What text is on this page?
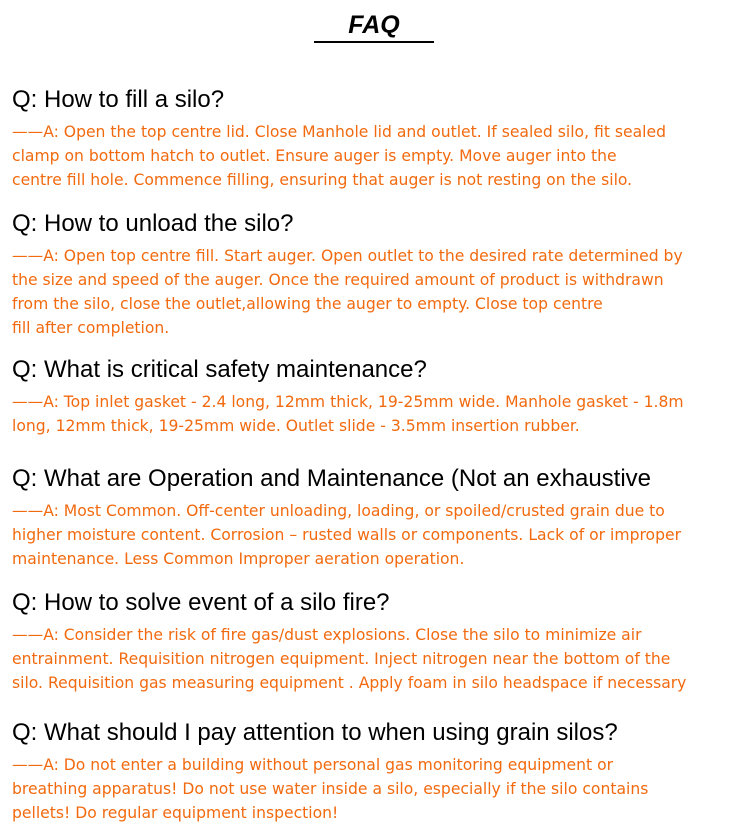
FAQ
Q: How to fill a silo?
——A: Open the top centre lid. Close Manhole lid and outlet. If sealed silo, fit sealed
clamp on bottom hatch to outlet. Ensure auger is empty. Move auger into the
centre fill hole. Commence filling, ensuring that auger is not resting on the silo.
Q: How to unload the silo?
——A: Open top centre fill. Start auger. Open outlet to the desired rate determined by
the size and speed of the auger. Once the required amount of product is withdrawn
from the silo, close the outlet,allowing the auger to empty. Close top centre
fill after completion.
Q: What is critical safety maintenance?
——A: Top inlet gasket - 2.4 long, 12mm thick, 19-25mm wide. Manhole gasket - 1.8m
long, 12mm thick, 19-25mm wide. Outlet slide - 3.5mm insertion rubber.
Q: What are Operation and Maintenance (Not an exhaustive
——A: Most Common. Off-center unloading, loading, or spoiled/crusted grain due to
higher moisture content. Corrosion – rusted walls or components. Lack of or improper
maintenance. Less Common Improper aeration operation.
Q: How to solve event of a silo fire?
——A: Consider the risk of fire gas/dust explosions. Close the silo to minimize air
entrainment. Requisition nitrogen equipment. Inject nitrogen near the bottom of the
silo. Requisition gas measuring equipment . Apply foam in silo headspace if necessary
Q: What should I pay attention to when using grain silos?
——A: Do not enter a building without personal gas monitoring equipment or
breathing apparatus! Do not use water inside a silo, especially if the silo contains
pellets! Do regular equipment inspection!
